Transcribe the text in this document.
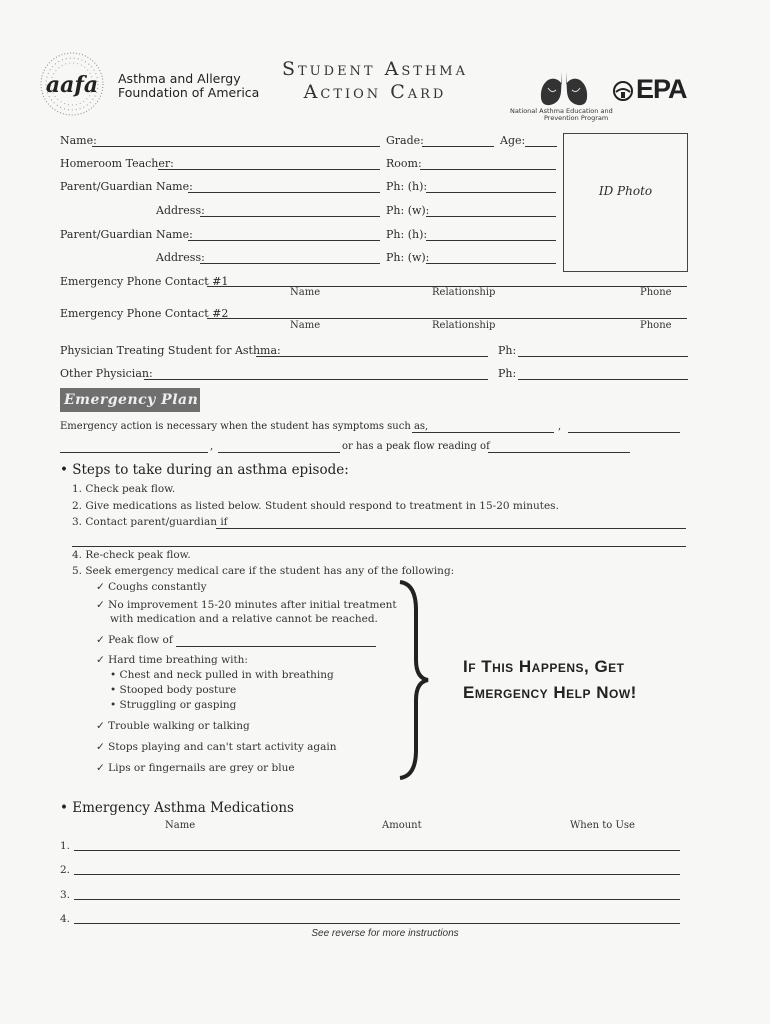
aafa Asthma and Allergy
Foundation of America
Student Asthma
Action Card	EPA
National Asthma Education and
Prevention Program
Name:	Grade:	Age:
Homeroom Teacher:	Room:
Parent/Guardian Name:	Ph: (h):
Address:	Ph: (w):
Parent/Guardian Name:	Ph: (h):
Address:	Ph: (w):
ID Photo
Emergency Phone Contact #1
Name	Relationship	Phone
Emergency Phone Contact #2
Name	Relationship	Phone
Physician Treating Student for Asthma:	Ph:
Other Physician:	Ph:
Emergency Plan
Emergency action is necessary when the student has symptoms such as,	,
,	or has a peak flow reading of
• Steps to take during an asthma episode:
1. Check peak flow.
2. Give medications as listed below. Student should respond to treatment in 15-20 minutes.
3. Contact parent/guardian if
4. Re-check peak flow.
5. Seek emergency medical care if the student has any of the following:
✓ Coughs constantly
✓ No improvement 15-20 minutes after initial treatment
with medication and a relative cannot be reached.
✓ Peak flow of
✓ Hard time breathing with:
• Chest and neck pulled in with breathing
• Stooped body posture
• Struggling or gasping
✓ Trouble walking or talking
✓ Stops playing and can't start activity again
✓ Lips or fingernails are grey or blue
If This Happens, Get
Emergency Help Now!
• Emergency Asthma Medications
Name	Amount	When to Use
1.
2.
3.
4.
See reverse for more instructions
